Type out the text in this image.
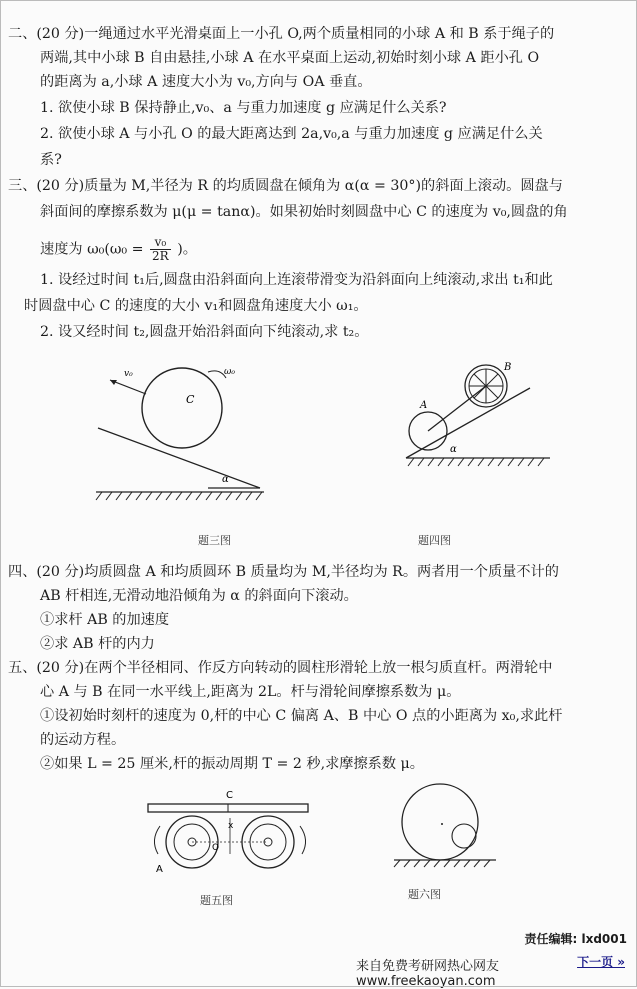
二、(20 分)一绳通过水平光滑桌面上一小孔 O,两个质量相同的小球 A 和 B 系于绳子的
两端,其中小球 B 自由悬挂,小球 A 在水平桌面上运动,初始时刻小球 A 距小孔 O
的距离为 a,小球 A 速度大小为 v₀,方向与 OA 垂直。
1. 欲使小球 B 保持静止,v₀、a 与重力加速度 g 应满足什么关系?
2. 欲使小球 A 与小孔 O 的最大距离达到 2a,v₀,a 与重力加速度 g 应满足什么关
系?
三、(20 分)质量为 M,半径为 R 的均质圆盘在倾角为 α(α = 30°)的斜面上滚动。圆盘与
斜面间的摩擦系数为 μ(μ = tanα)。如果初始时刻圆盘中心 C 的速度为 v₀,圆盘的角
速度为 $\omega_0(\omega_0 = \frac{\text{v₀}}{2R}$ )。
1. 设经过时间 t₁后,圆盘由沿斜面向上连滚带滑变为沿斜面向上纯滚动,求出 t₁和此
时圆盘中心 C 的速度的大小 v₁和圆盘角速度大小 ω₁。
2. 设又经时间 t₂,圆盘开始沿斜面向下纯滚动,求 t₂。
v₀	ω₀
C
α
题三图
A
B
α
题四图
四、(20 分)均质圆盘 A 和均质圆环 B 质量均为 M,半径均为 R。两者用一个质量不计的
AB 杆相连,无滑动地沿倾角为 α 的斜面向下滚动。
①求杆 AB 的加速度
②求 AB 杆的内力
五、(20 分)在两个半径相同、作反方向转动的圆柱形滑轮上放一根匀质直杆。两滑轮中
心 A 与 B 在同一水平线上,距离为 2L。杆与滑轮间摩擦系数为 μ。
①设初始时刻杆的速度为 0,杆的中心 C 偏离 A、B 中心 O 点的小距离为 x₀,求此杆
的运动方程。
②如果 L = 25 厘米,杆的振动周期 T = 2 秒,求摩擦系数 μ。
C
x
O
A
题五图	题六图
责任编辑: lxd001
来自免费考研网热心网友 www.freekaoyan.com
下一页 »
